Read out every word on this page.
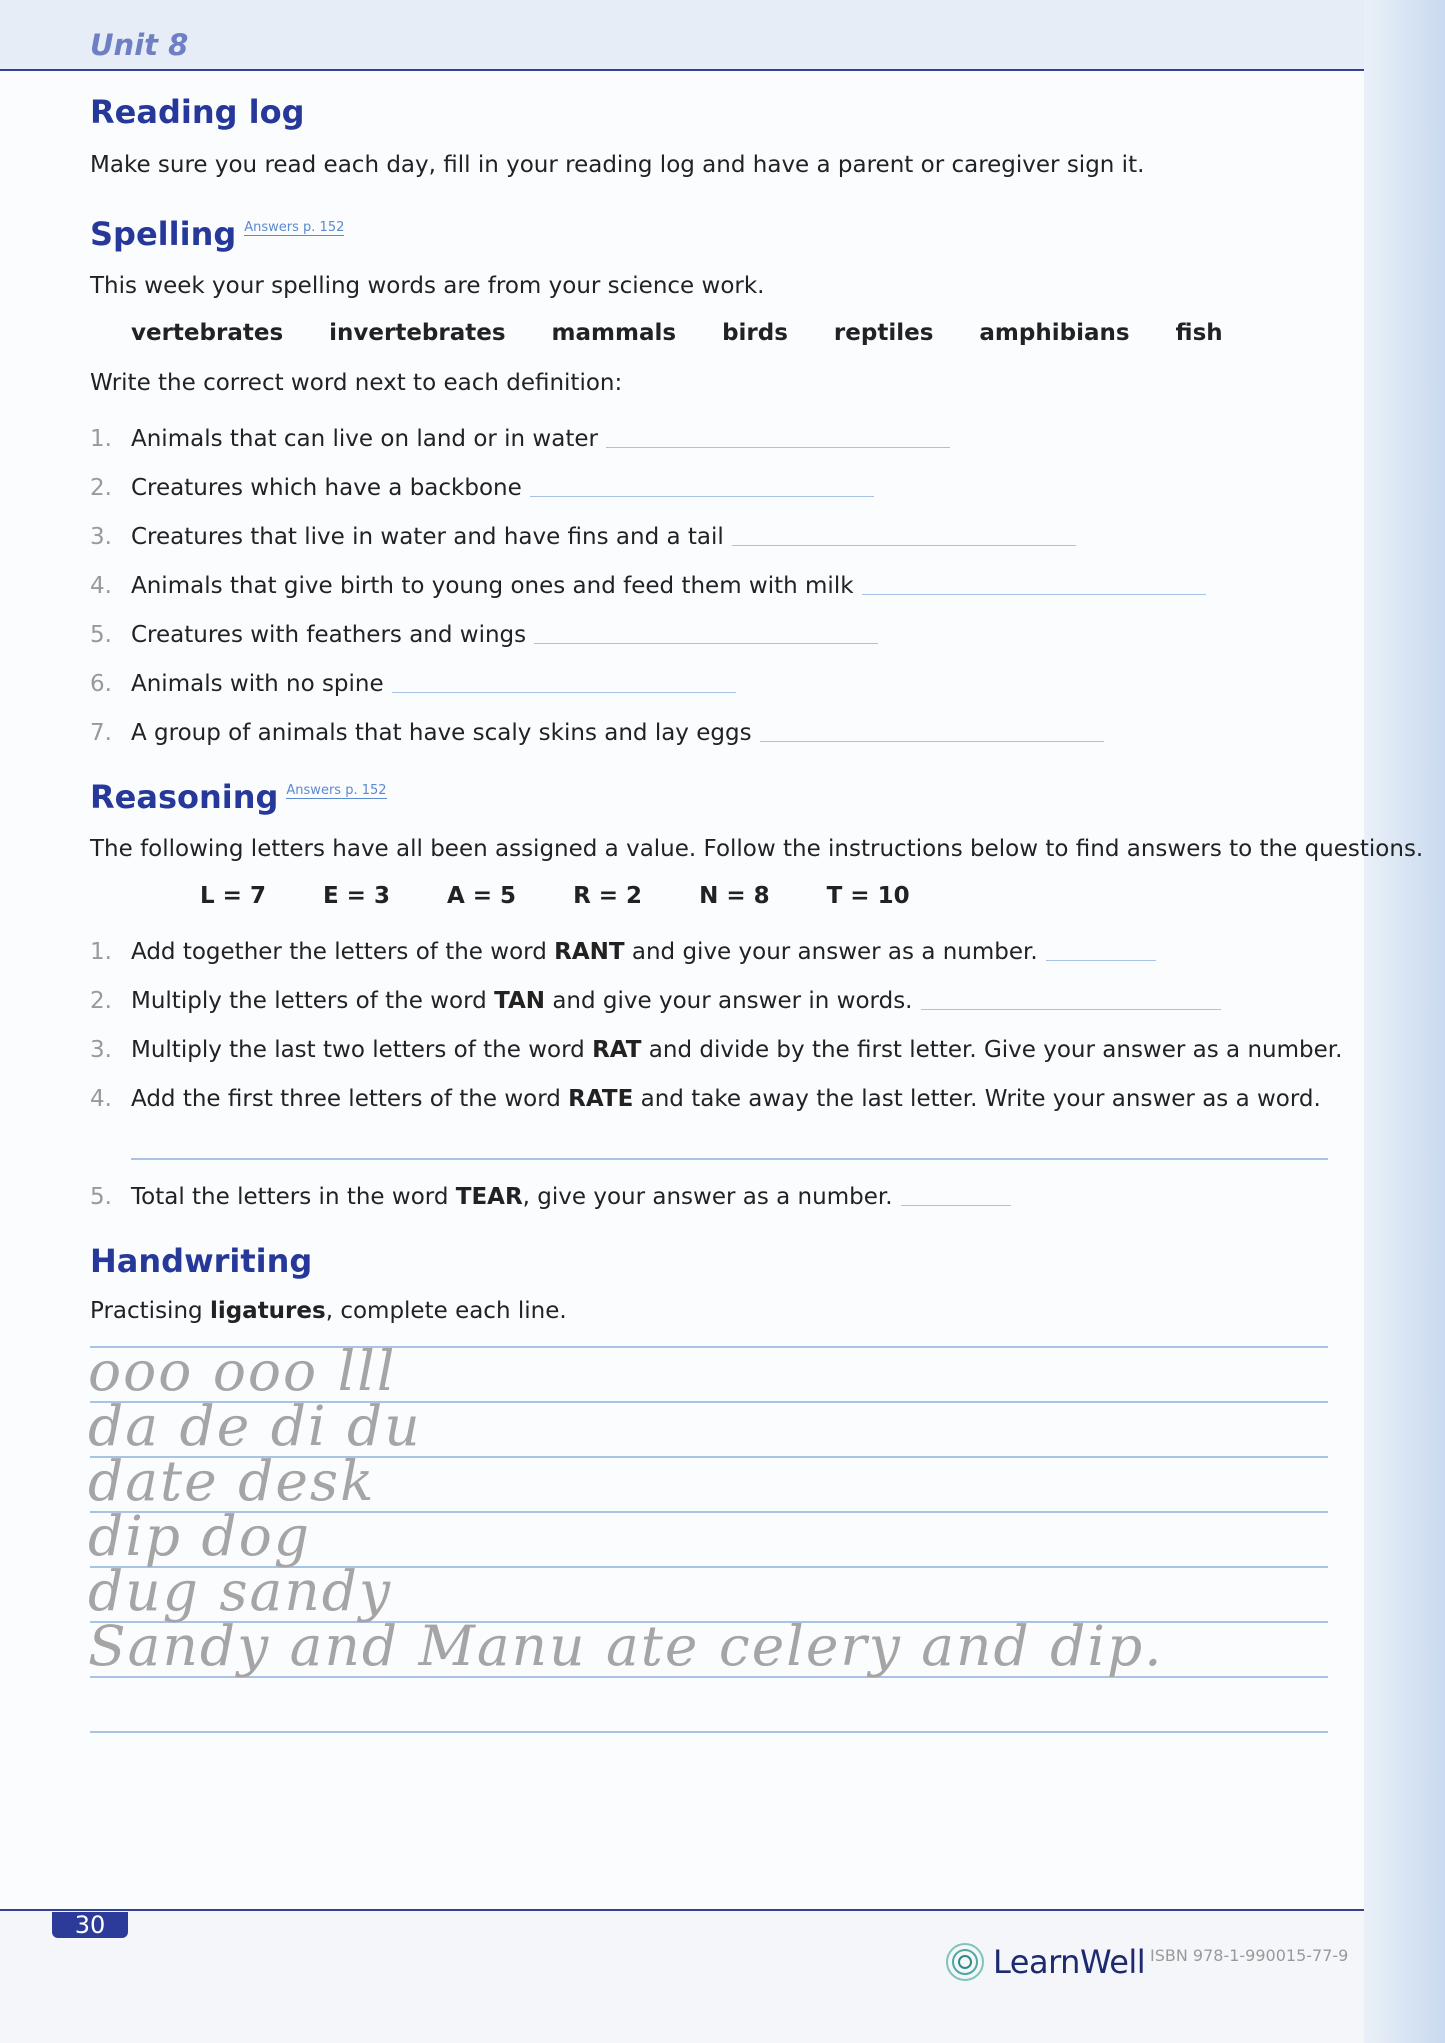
Unit 8

Reading log

Make sure you read each day, fill in your reading log and have a parent or caregiver sign it.

Spelling $^{Answers p. 152}$

This week your spelling words are from your science work.

vertebrates invertebrates mammals birds reptiles amphibians fish

Write the correct word next to each definition:

1. Animals that can live on land or in water
2. Creatures which have a backbone
3. Creatures that live in water and have fins and a tail
4. Animals that give birth to young ones and feed them with milk
5. Creatures with feathers and wings
6. Animals with no spine
7. A group of animals that have scaly skins and lay eggs
Reasoning $^{Answers p. 152}$

The following letters have all been assigned a value. Follow the instructions below to find answers to the questions.

L = 7 E = 3 A = 5 R = 2 N = 8 T = 10
1. Add together the letters of the word RANT and give your answer as a number.
2. Multiply the letters of the word TAN and give your answer in words.
3. Multiply the last two letters of the word RAT and divide by the first letter. Give your answer as a number.
4. Add the first three letters of the word RATE and take away the last letter. Write your answer as a word.
5. Total the letters in the word TEAR , give your answer as a number.
Handwriting

Practising ligatures, complete each line.

ooo ooo lll

da de di du

date desk

dip dog

dug sandy

Sandy and Manu ate celery and dip.

30
LearnWell ISBN 978-1-990015-77-9
